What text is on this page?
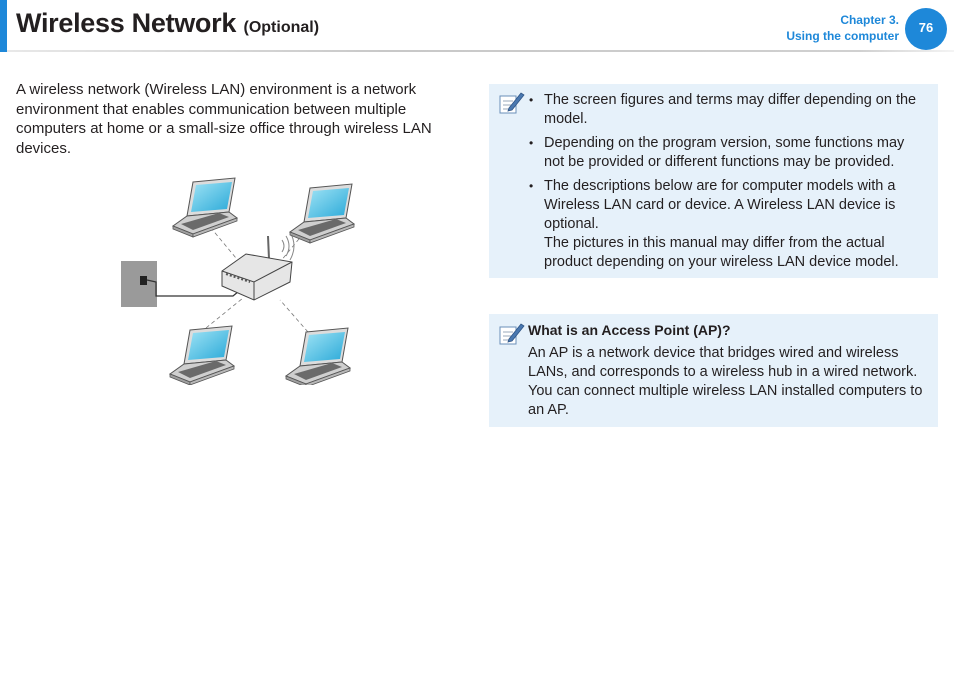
Wireless Network (Optional)	Chapter 3.
Using the computer
76
A wireless network (Wireless LAN) environment is a network environment that enables communication between multiple computers at home or a small-size office through wireless LAN devices.
• The screen figures and terms may differ depending on the model.
• Depending on the program version, some functions may not be provided or different functions may be provided.
• The descriptions below are for computer models with a Wireless LAN card or device. A Wireless LAN device is optional.
The pictures in this manual may differ from the actual product depending on your wireless LAN device model.
What is an Access Point (AP)?
An AP is a network device that bridges wired and wireless LANs, and corresponds to a wireless hub in a wired network. You can connect multiple wireless LAN installed computers to an AP.
